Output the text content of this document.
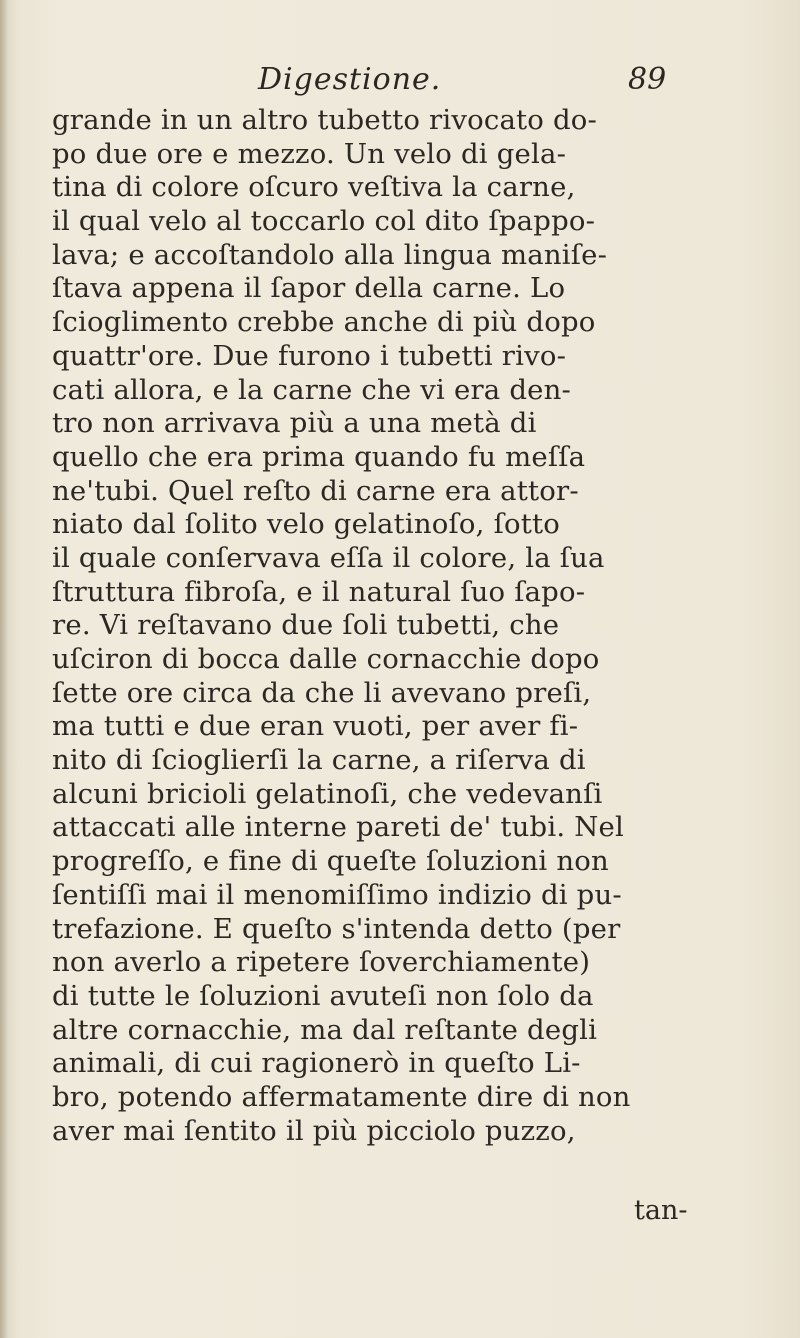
Digestione.	89
grande in un altro tubetto rivocato do-
po due ore e mezzo. Un velo di gela-
tina di colore oſcuro veſtiva la carne,
il qual velo al toccarlo col dito ſpappo-
lava; e accoſtandolo alla lingua maniſe-
ſtava appena il ſapor della carne. Lo
ſcioglimento crebbe anche di più dopo
quattr'ore. Due furono i tubetti rivo-
cati allora, e la carne che vi era den-
tro non arrivava più a una metà di
quello che era prima quando fu meſſa
ne'tubi. Quel reſto di carne era attor-
niato dal ſolito velo gelatinoſo, ſotto
il quale conſervava eſſa il colore, la ſua
ſtruttura fibroſa, e il natural ſuo ſapo-
re. Vi reſtavano due ſoli tubetti, che
uſciron di bocca dalle cornacchie dopo
ſette ore circa da che li avevano preſi,
ma tutti e due eran vuoti, per aver fi-
nito di ſcioglierſi la carne, a riſerva di
alcuni bricioli gelatinoſi, che vedevanſi
attaccati alle interne pareti de' tubi. Nel
progreſſo, e fine di queſte ſoluzioni non
ſentiſſi mai il menomiſſimo indizio di pu-
trefazione. E queſto s'intenda detto (per
non averlo a ripetere ſoverchiamente)
di tutte le ſoluzioni avuteſi non ſolo da
altre cornacchie, ma dal reſtante degli
animali, di cui ragionerò in queſto Li-
bro, potendo affermatamente dire di non
aver mai ſentito il più picciolo puzzo,
tan-
